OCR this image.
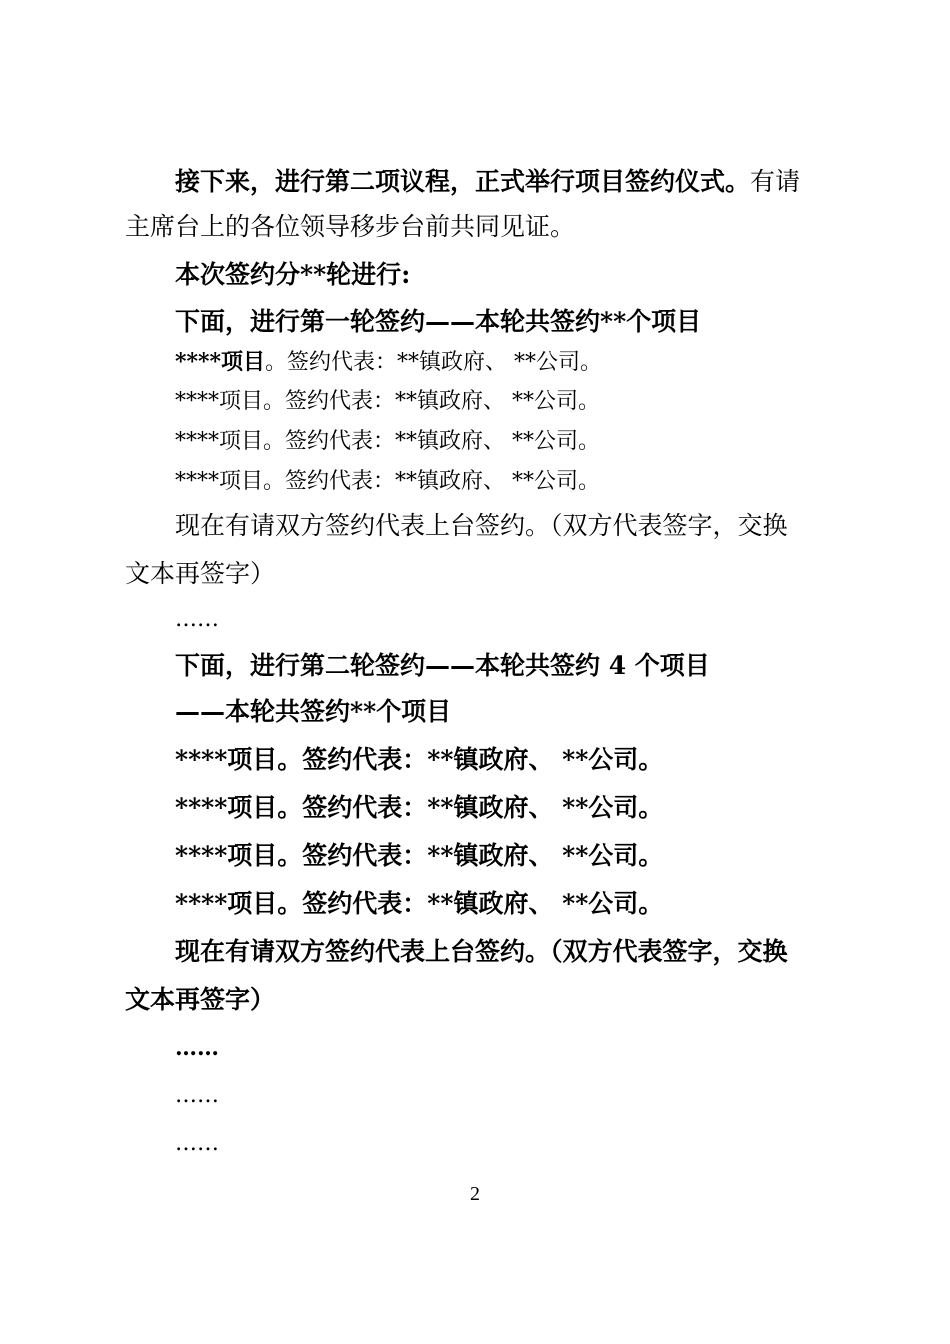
接下来，进行第二项议程，正式举行项目签约仪式。有请
主席台上的各位领导移步台前共同见证。
本次签约分**轮进行:
下面，进行第一轮签约——本轮共签约**个项目
****项目。签约代表：**镇政府、 **公司。
****项目。签约代表：**镇政府、 **公司。
****项目。签约代表：**镇政府、 **公司。
****项目。签约代表：**镇政府、 **公司。
现在有请双方签约代表上台签约。（双方代表签字，交换
文本再签字）
……
下面，进行第二轮签约——本轮共签约 4 个项目
——本轮共签约**个项目
****项目。签约代表：**镇政府、 **公司。
****项目。签约代表：**镇政府、 **公司。
****项目。签约代表：**镇政府、 **公司。
****项目。签约代表：**镇政府、 **公司。
现在有请双方签约代表上台签约。（双方代表签字，交换
文本再签字）
……
……
……
2
